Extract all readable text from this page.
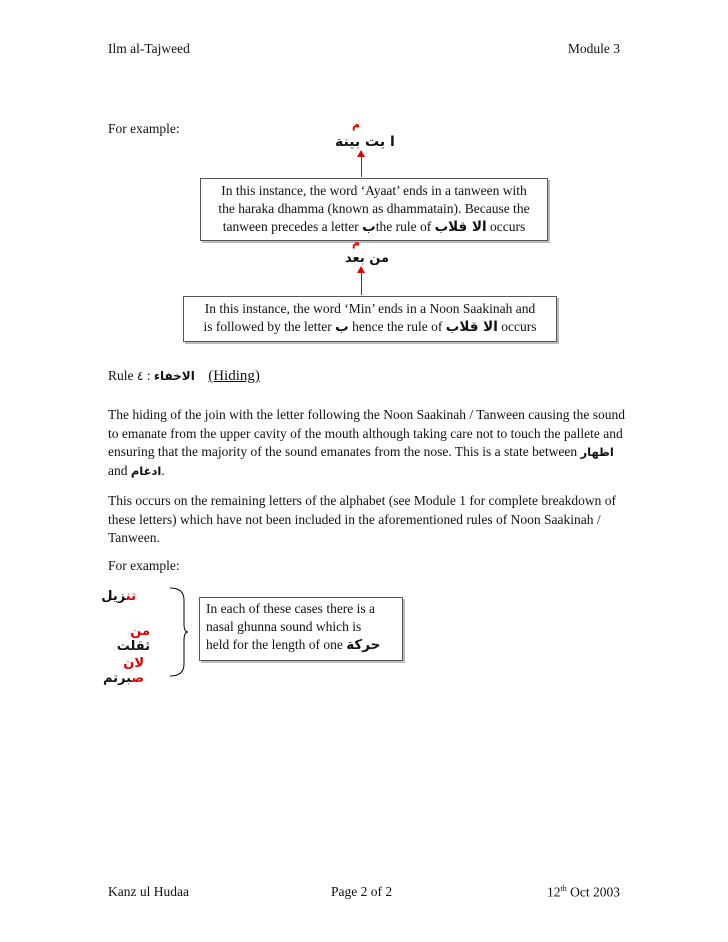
Ilm al-Tajweed	Module 3
For example:	م
ا يت بينة
In this instance, the word ‘Ayaat’ ends in a tanween with
the haraka dhamma (known as dhammatain). Because the
tanween precedes a letter بthe rule of الا قلاب occurs
م
من بعد
In this instance, the word ‘Min’ ends in a Noon Saakinah and
is followed by the letter ب hence the rule of الا قلاب occurs
Rule الاخفاء : ٤	(Hiding)
The hiding of the join with the letter following the Noon Saakinah / Tanween causing the sound to emanate from the upper cavity of the mouth although taking care not to touch the pallete and ensuring that the majority of the sound emanates from the nose. This is a state between اظهار and ادغام.
This occurs on the remaining letters of the alphabet (see Module 1 for complete breakdown of these letters) which have not been included in the aforementioned rules of Noon Saakinah / Tanween.
For example:
تنزيل
من ثقلت
لان صبرتم
In each of these cases there is a
nasal ghunna sound which is
held for the length of one حركة
Kanz ul Hudaa	Page 2 of 2	12th Oct 2003
